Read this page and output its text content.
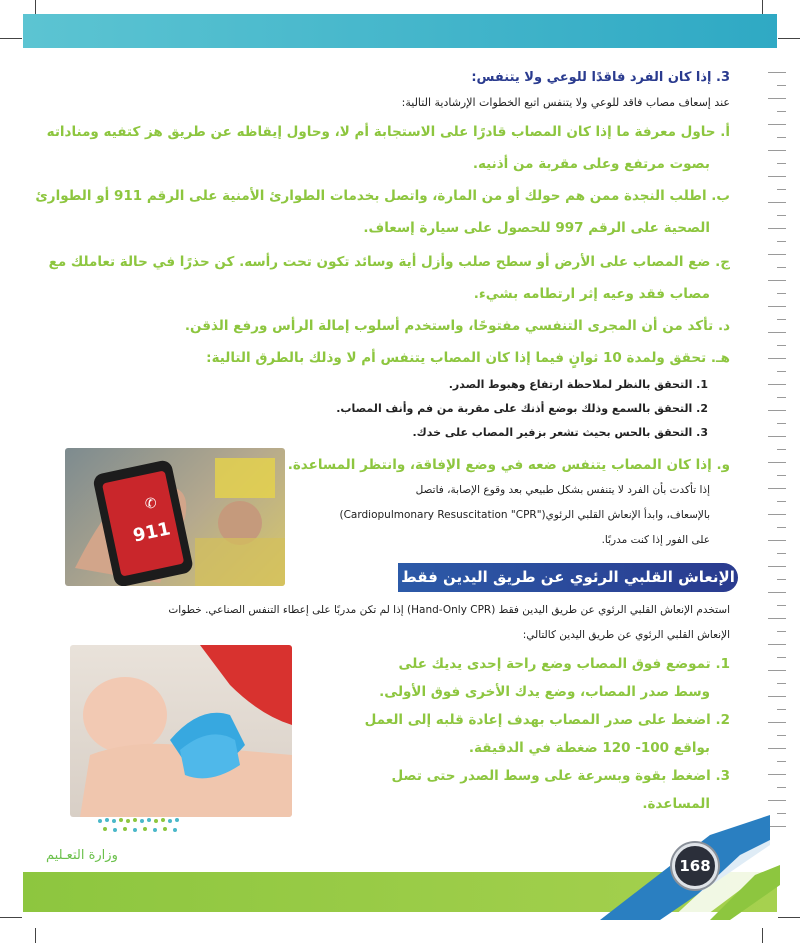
3. إذا كان الفرد فاقدًا للوعي ولا يتنفس:
عند إسعاف مصاب فاقد للوعي ولا يتنفس اتبع الخطوات الإرشادية التالية:
أ. حاول معرفة ما إذا كان المصاب قادرًا على الاستجابة أم لا، وحاول إيقاظه عن طريق هز كتفيه ومناداته
بصوت مرتفع وعلى مقربة من أذنيه.
ب. اطلب النجدة ممن هم حولك أو من المارة، واتصل بخدمات الطوارئ الأمنية على الرقم 911 أو الطوارئ
الصحية على الرقم 997 للحصول على سيارة إسعاف.
ج. ضع المصاب على الأرض أو سطح صلب وأزل أية وسائد تكون تحت رأسه. كن حذرًا في حالة تعاملك مع
مصاب فقد وعيه إثر ارتطامه بشيء.
د. تأكد من أن المجرى التنفسي مفتوحًا، واستخدم أسلوب إمالة الرأس ورفع الذقن.
هـ. تحقق ولمدة 10 ثوانٍ فيما إذا كان المصاب يتنفس أم لا وذلك بالطرق التالية:
1. التحقق بالنظر لملاحظة ارتفاع وهبوط الصدر.
2. التحقق بالسمع وذلك بوضع أذنك على مقربة من فم وأنف المصاب.
3. التحقق بالحس بحيث تشعر بزفير المصاب على خدك.
و. إذا كان المصاب يتنفس ضعه في وضع الإفاقة، وانتظر المساعدة.
إذا تأكدت بأن الفرد لا يتنفس بشكل طبيعي بعد وقوع الإصابة، فاتصل
بالإسعاف، وابدأ الإنعاش القلبي الرئوي("Cardiopulmonary Resuscitation "CPR)
على الفور إذا كنت مدربًا.
911
✆
الإنعاش القلبي الرئوي عن طريق اليدين فقط
استخدم الإنعاش القلبي الرئوي عن طريق اليدين فقط (Hand-Only CPR) إذا لم تكن مدربًا على إعطاء التنفس الصناعي. خطوات
الإنعاش القلبي الرئوي عن طريق اليدين كالتالي:
1. تموضع فوق المصاب وضع راحة إحدى يديك على
وسط صدر المصاب، وضع يدك الأخرى فوق الأولى.
2. اضغط على صدر المصاب بهدف إعادة قلبه إلى العمل
بواقع 100- 120 ضغطة في الدقيقة.
3. اضغط بقوة وبسرعة على وسط الصدر حتى تصل
المساعدة.
168
وزارة التعـليم
